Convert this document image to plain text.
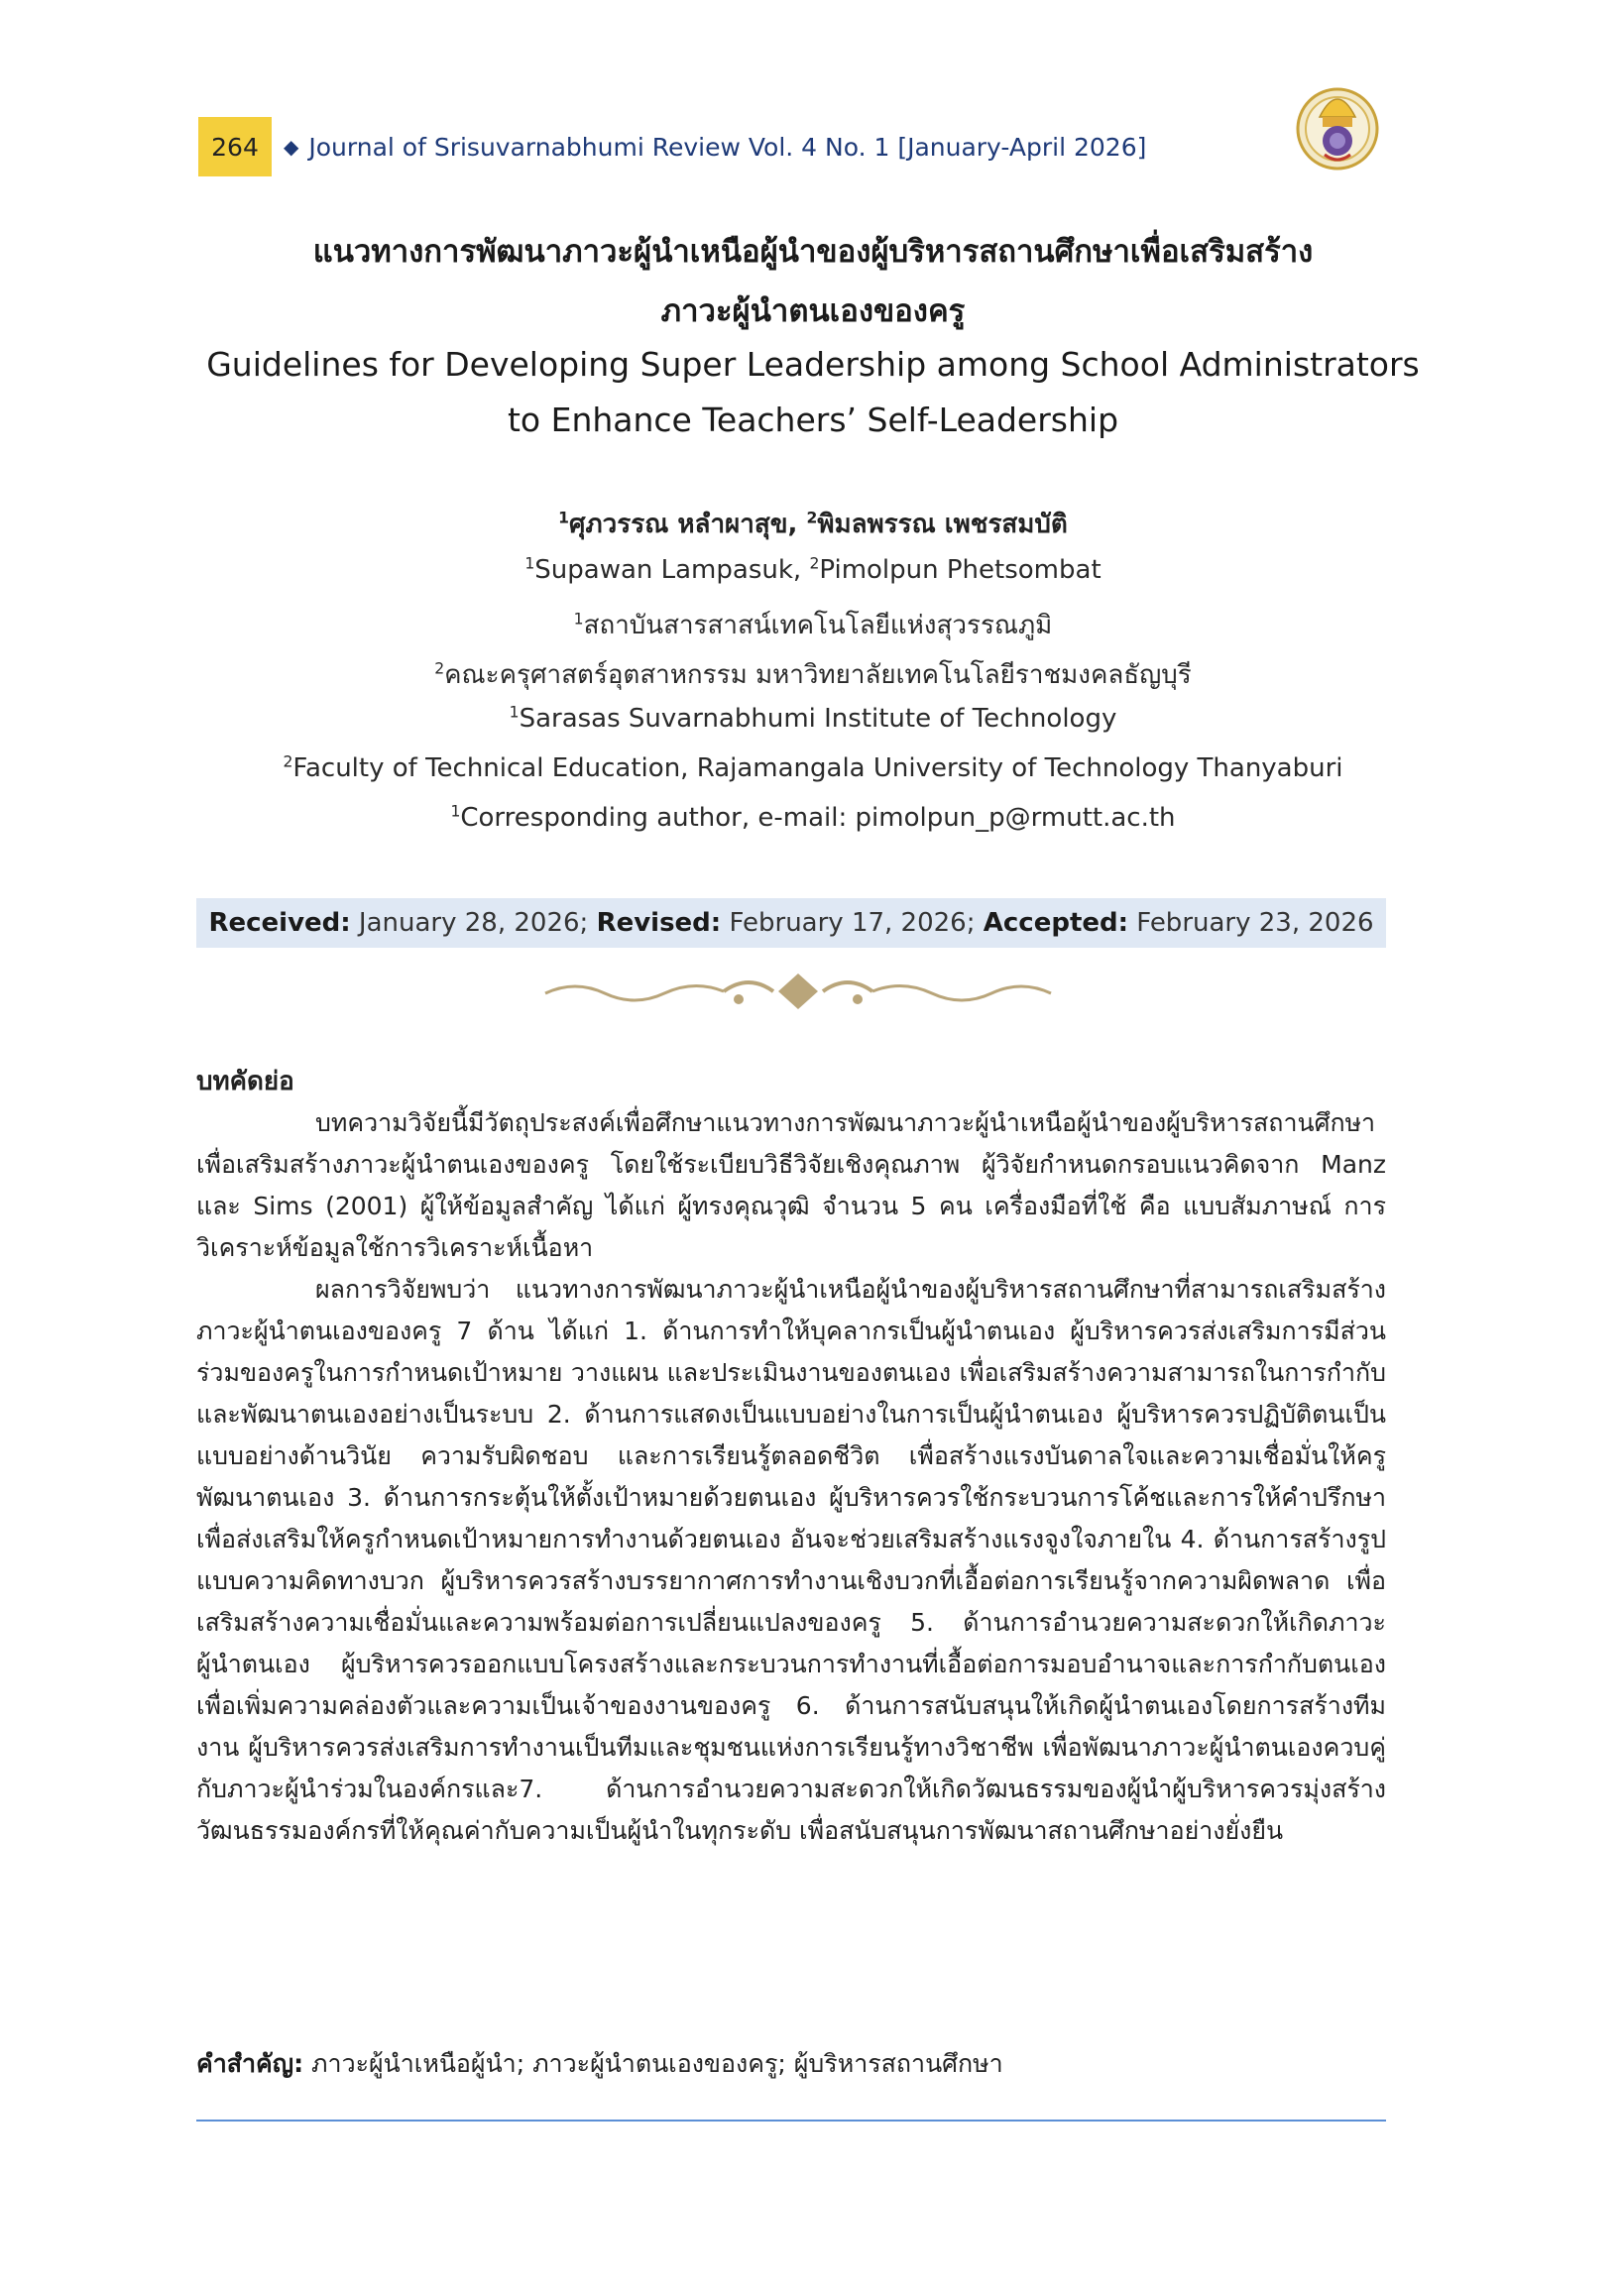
264	◆ Journal of Srisuvarnabhumi Review Vol. 4 No. 1 [January-April 2026]
แนวทางการพัฒนาภาวะผู้นำเหนือผู้นำของผู้บริหารสถานศึกษาเพื่อเสริมสร้าง
ภาวะผู้นำตนเองของครู
Guidelines for Developing Super Leadership among School Administrators
to Enhance Teachers’ Self-Leadership
$^1$ศุภวรรณ หลำผาสุข, $^2$พิมลพรรณ เพชรสมบัติ
$^1$Supawan Lampasuk, $^2$Pimolpun Phetsombat
$^1$สถาบันสารสาสน์เทคโนโลยีแห่งสุวรรณภูมิ
$^2$คณะครุศาสตร์อุตสาหกรรม มหาวิทยาลัยเทคโนโลยีราชมงคลธัญบุรี
$^1$Sarasas Suvarnabhumi Institute of Technology
$^2$Faculty of Technical Education, Rajamangala University of Technology Thanyaburi
$^1$Corresponding author, e-mail: pimolpun_p@rmutt.ac.th
Received:
January 28, 2026;
Revised:
February 17, 2026;
Accepted:
February 23, 2026
บทคัดย่อ
บทความวิจัยนี้มีวัตถุประสงค์เพื่อศึกษาแนวทางการพัฒนาภาวะผู้นำเหนือผู้นำของผู้บริหารสถานศึกษาเพื่อเสริมสร้างภาวะผู้นำตนเองของครู โดยใช้ระเบียบวิธีวิจัยเชิงคุณภาพ ผู้วิจัยกำหนดกรอบแนวคิดจาก Manz และ Sims (2001) ผู้ให้ข้อมูลสำคัญ ได้แก่ ผู้ทรงคุณวุฒิ จำนวน 5 คน เครื่องมือที่ใช้ คือ แบบสัมภาษณ์ การวิเคราะห์ข้อมูลใช้การวิเคราะห์เนื้อหา
ผลการวิจัยพบว่า แนวทางการพัฒนาภาวะผู้นำเหนือผู้นำของผู้บริหารสถานศึกษาที่สามารถเสริมสร้างภาวะผู้นำตนเองของครู 7 ด้าน ได้แก่ 1. ด้านการทำให้บุคลากรเป็นผู้นำตนเอง ผู้บริหารควรส่งเสริมการมีส่วนร่วมของครูในการกำหนดเป้าหมาย วางแผน และประเมินงานของตนเอง เพื่อเสริมสร้างความสามารถในการกำกับและพัฒนาตนเองอย่างเป็นระบบ 2. ด้านการแสดงเป็นแบบอย่างในการเป็นผู้นำตนเอง ผู้บริหารควรปฏิบัติตนเป็นแบบอย่างด้านวินัย ความรับผิดชอบ และการเรียนรู้ตลอดชีวิต เพื่อสร้างแรงบันดาลใจและความเชื่อมั่นให้ครูพัฒนาตนเอง 3. ด้านการกระตุ้นให้ตั้งเป้าหมายด้วยตนเอง ผู้บริหารควรใช้กระบวนการโค้ชและการให้คำปรึกษาเพื่อส่งเสริมให้ครูกำหนดเป้าหมายการทำงานด้วยตนเอง อันจะช่วยเสริมสร้างแรงจูงใจภายใน 4. ด้านการสร้างรูปแบบความคิดทางบวก ผู้บริหารควรสร้างบรรยากาศการทำงานเชิงบวกที่เอื้อต่อการเรียนรู้จากความผิดพลาด เพื่อเสริมสร้างความเชื่อมั่นและความพร้อมต่อการเปลี่ยนแปลงของครู 5. ด้านการอำนวยความสะดวกให้เกิดภาวะผู้นำตนเอง ผู้บริหารควรออกแบบโครงสร้างและกระบวนการทำงานที่เอื้อต่อการมอบอำนาจและการกำกับตนเอง เพื่อเพิ่มความคล่องตัวและความเป็นเจ้าของงานของครู 6. ด้านการสนับสนุนให้เกิดผู้นำตนเองโดยการสร้างทีมงาน ผู้บริหารควรส่งเสริมการทำงานเป็นทีมและชุมชนแห่งการเรียนรู้ทางวิชาชีพ เพื่อพัฒนาภาวะผู้นำตนเองควบคู่กับภาวะผู้นำร่วมในองค์กรและ7. ด้านการอำนวยความสะดวกให้เกิดวัฒนธรรมของผู้นำผู้บริหารควรมุ่งสร้างวัฒนธรรมองค์กรที่ให้คุณค่ากับความเป็นผู้นำในทุกระดับ เพื่อสนับสนุนการพัฒนาสถานศึกษาอย่างยั่งยืน
คำสำคัญ: ภาวะผู้นำเหนือผู้นำ; ภาวะผู้นำตนเองของครู; ผู้บริหารสถานศึกษา
